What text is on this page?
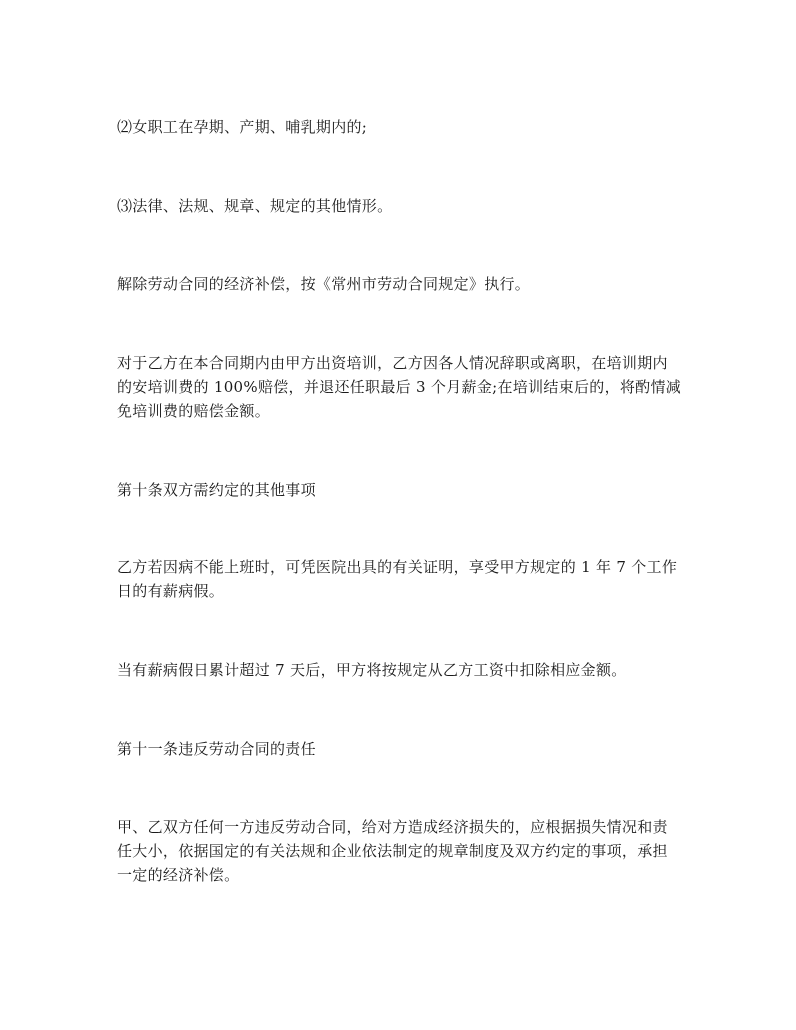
⑵女职工在孕期、产期、哺乳期内的;
⑶法律、法规、规章、规定的其他情形。
解除劳动合同的经济补偿，按《常州市劳动合同规定》执行。
对于乙方在本合同期内由甲方出资培训，乙方因各人情况辞职或离职，在培训期内
的安培训费的 100%赔偿，并退还任职最后 3 个月薪金;在培训结束后的，将酌情减
免培训费的赔偿金额。
第十条双方需约定的其他事项
乙方若因病不能上班时，可凭医院出具的有关证明，享受甲方规定的 1 年 7 个工作
日的有薪病假。
当有薪病假日累计超过 7 天后，甲方将按规定从乙方工资中扣除相应金额。
第十一条违反劳动合同的责任
甲、乙双方任何一方违反劳动合同，给对方造成经济损失的，应根据损失情况和责
任大小，依据国定的有关法规和企业依法制定的规章制度及双方约定的事项，承担
一定的经济补偿。
